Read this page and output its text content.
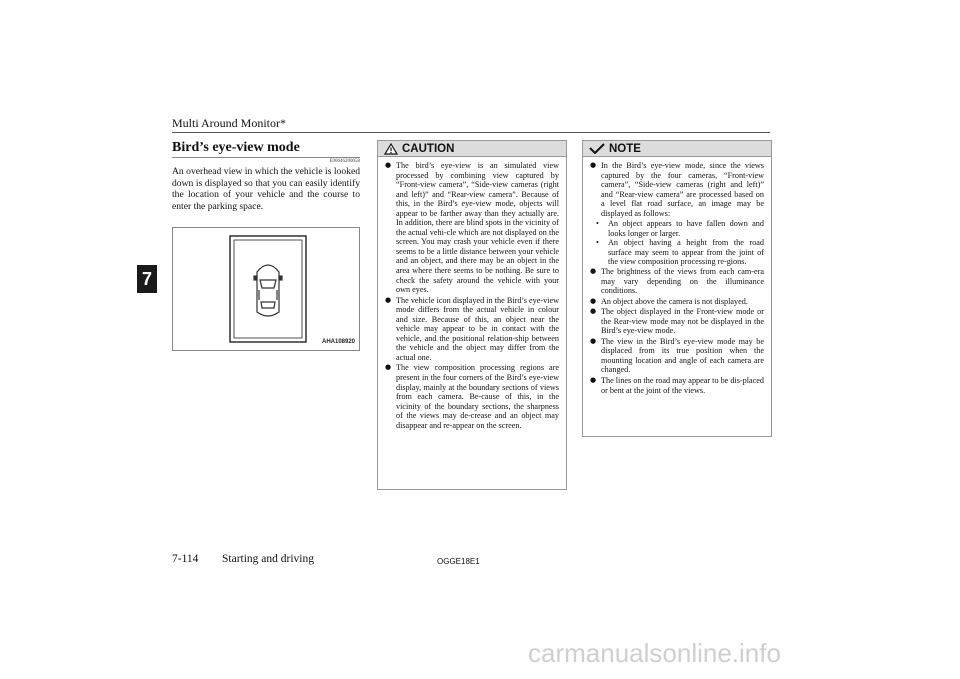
Multi Around Monitor*
7
Bird’s eye-view mode
E00646200058
An overhead view in which the vehicle is looked down is displayed so that you can easily identify the location of your vehicle and the course to enter the parking space.
AHA108920
CAUTION
● The bird’s eye-view is an simulated view processed by combining view captured by “Front-view camera”, “Side-view cameras (right and left)” and “Rear-view camera”. Because of this, in the Bird’s eye-view mode, objects will appear to be farther away than they actually are. In addition, there are blind spots in the vicinity of the actual vehi-cle which are not displayed on the screen. You may crash your vehicle even if there seems to be a little distance between your vehicle and an object, and there may be an object in the area where there seems to be nothing. Be sure to check the safety around the vehicle with your own eyes.
● The vehicle icon displayed in the Bird’s eye-view mode differs from the actual vehicle in colour and size. Because of this, an object near the vehicle may appear to be in contact with the vehicle, and the positional relation-ship between the vehicle and the object may differ from the actual one.
● The view composition processing regions are present in the four corners of the Bird’s eye-view display, mainly at the boundary sections of views from each camera. Be-cause of this, in the vicinity of the boundary sections, the sharpness of the views may de-crease and an object may disappear and re-appear on the screen.
NOTE
● In the Bird’s eye-view mode, since the views captured by the four cameras, “Front-view camera”, “Side-view cameras (right and left)” and “Rear-view camera” are processed based on a level flat road surface, an image may be displayed as follows:
• An object appears to have fallen down and looks longer or larger.
• An object having a height from the road surface may seem to appear from the joint of the view composition processing re-gions.
● The brightness of the views from each cam-era may vary depending on the illuminance conditions.
● An object above the camera is not displayed.
● The object displayed in the Front-view mode or the Rear-view mode may not be displayed in the Bird’s eye-view mode.
● The view in the Bird’s eye-view mode may be displaced from its true position when the mounting location and angle of each camera are changed.
● The lines on the road may appear to be dis-placed or bent at the joint of the views.
7-114 Starting and driving	OGGE18E1
carmanualsonline.info
